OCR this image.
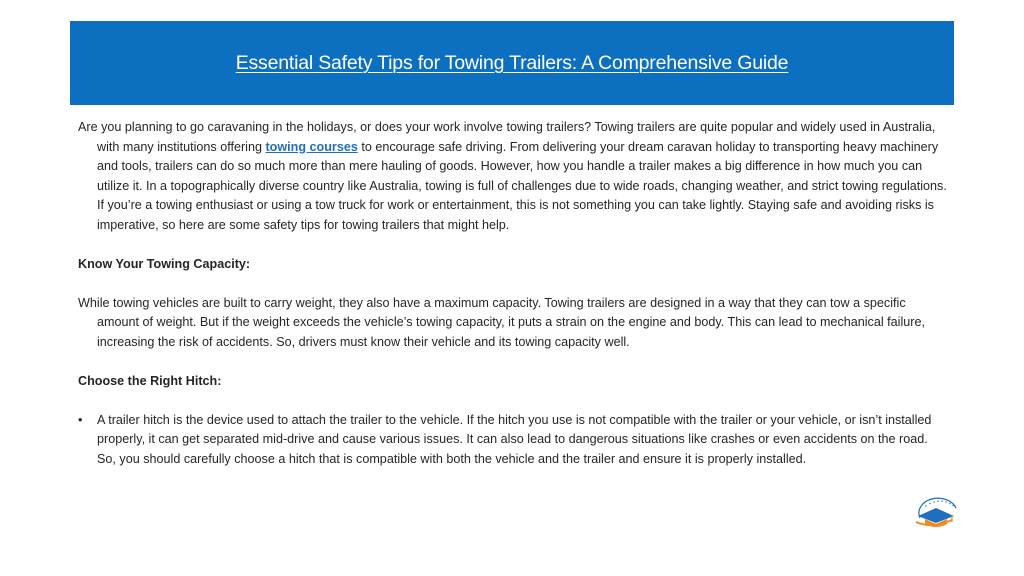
Essential Safety Tips for Towing Trailers: A Comprehensive Guide

Are you planning to go caravaning in the holidays, or does your work involve towing trailers? Towing trailers are quite popular and widely used in Australia, with many institutions offering towing courses to encourage safe driving. From delivering your dream caravan holiday to transporting heavy machinery and tools, trailers can do so much more than mere hauling of goods. However, how you handle a trailer makes a big difference in how much you can utilize it. In a topographically diverse country like Australia, towing is full of challenges due to wide roads, changing weather, and strict towing regulations. If you’re a towing enthusiast or using a tow truck for work or entertainment, this is not something you can take lightly. Staying safe and avoiding risks is imperative, so here are some safety tips for towing trailers that might help.

Know Your Towing Capacity:

While towing vehicles are built to carry weight, they also have a maximum capacity. Towing trailers are designed in a way that they can tow a specific amount of weight. But if the weight exceeds the vehicle’s towing capacity, it puts a strain on the engine and body. This can lead to mechanical failure, increasing the risk of accidents. So, drivers must know their vehicle and its towing capacity well.

Choose the Right Hitch:

•	A trailer hitch is the device used to attach the trailer to the vehicle. If the hitch you use is not compatible with the trailer or your vehicle, or isn’t installed properly, it can get separated mid-drive and cause various issues. It can also lead to dangerous situations like crashes or even accidents on the road. So, you should carefully choose a hitch that is compatible with both the vehicle and the trailer and ensure it is properly installed.
